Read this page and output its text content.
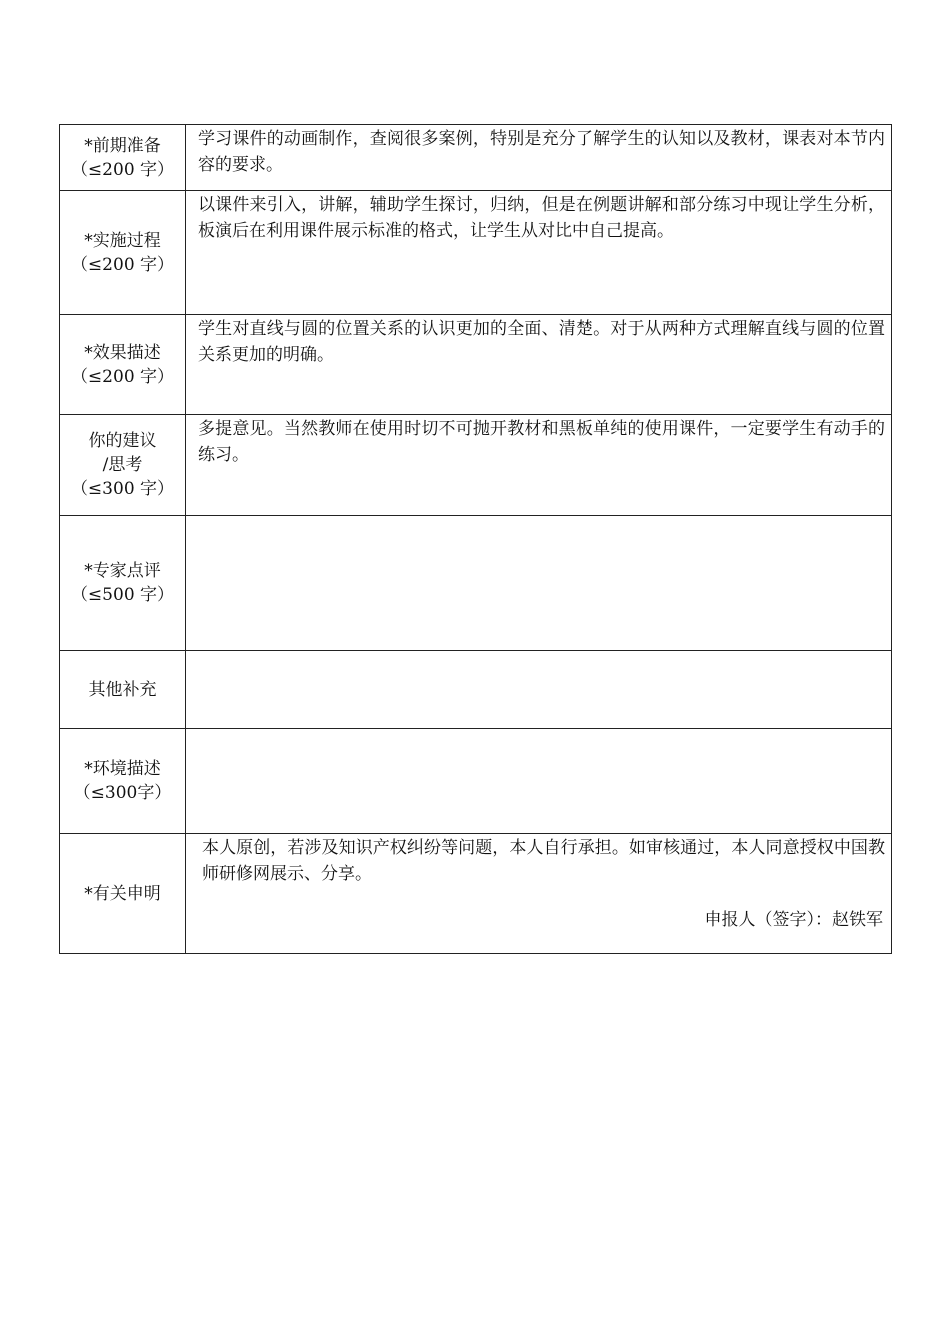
*前期准备
（≤200 字）	学习课件的动画制作，查阅很多案例，特别是充分了解学生的认知以及教材，课表对本节内容的要求。

*实施过程
（≤200 字）	以课件来引入，讲解，辅助学生探讨，归纳，但是在例题讲解和部分练习中现让学生分析，板演后在利用课件展示标准的格式，让学生从对比中自己提高。

*效果描述
（≤200 字）	学生对直线与圆的位置关系的认识更加的全面、清楚。对于从两种方式理解直线与圆的位置关系更加的明确。

你的建议
/思考
（≤300 字）	多提意见。当然教师在使用时切不可抛开教材和黑板单纯的使用课件，一定要学生有动手的练习。

*专家点评
（≤500 字）	

其他补充	

*环境描述
（≤300字）	

*有关申明	本人原创，若涉及知识产权纠纷等问题，本人自行承担。如审核通过，本人同意授权中国教师研修网展示、分享。
申报人（签字）：赵铁军
